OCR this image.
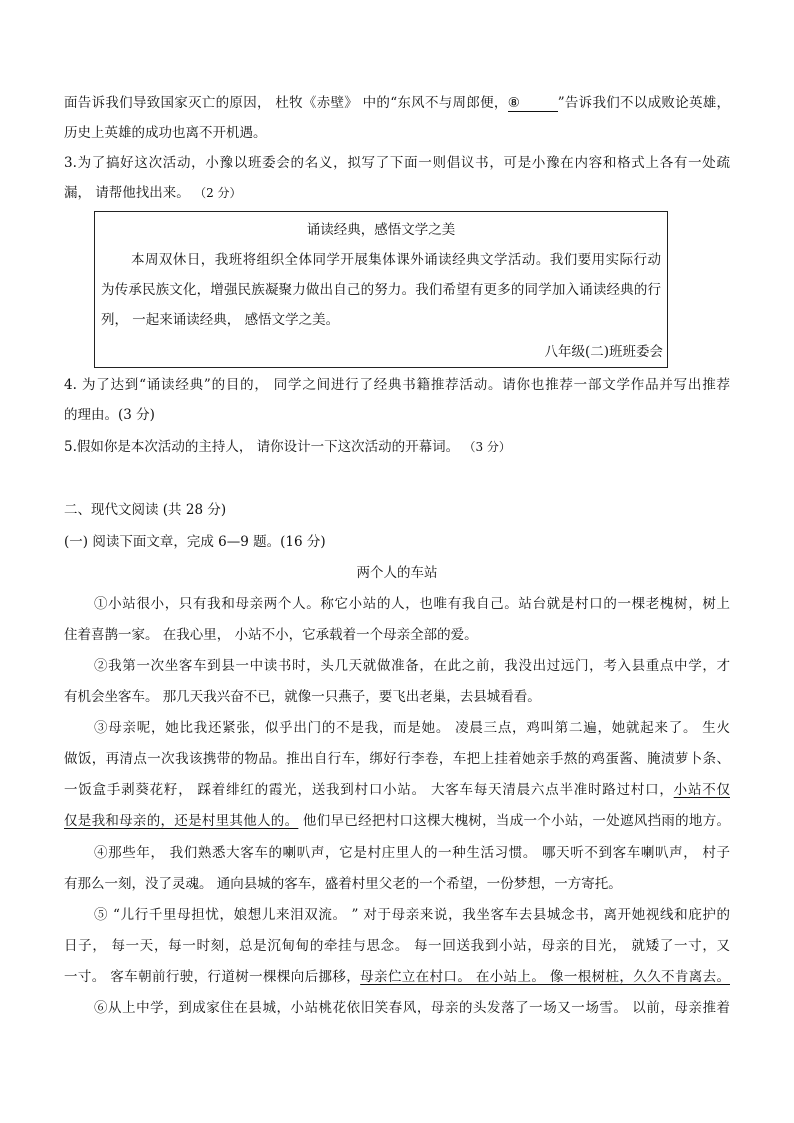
面告诉我们导致国家灭亡的原因， 杜牧《赤壁》 中的“东风不与周郎便，⑧	”告诉我们不以成败论英雄，
历史上英雄的成功也离不开机遇。
3.为了搞好这次活动，小豫以班委会的名义，拟写了下面一则倡议书，可是小豫在内容和格式上各有一处疏
漏， 请帮他找出来。 （2 分）
诵读经典，感悟文学之美
本周双休日，我班将组织全体同学开展集体课外诵读经典文学活动。我们要用实际行动
为传承民族文化，增强民族凝聚力做出自己的努力。我们希望有更多的同学加入诵读经典的行
列， 一起来诵读经典， 感悟文学之美。
八年级(二)班班委会
4. 为了达到“诵读经典”的目的， 同学之间进行了经典书籍推荐活动。请你也推荐一部文学作品并写出推荐
的理由。(3 分)
5.假如你是本次活动的主持人， 请你设计一下这次活动的开幕词。 （3 分）
二、现代文阅读 (共 28 分)
(一) 阅读下面文章，完成 6—9 题。(16 分)
两个人的车站
①小站很小，只有我和母亲两个人。称它小站的人，也唯有我自己。站台就是村口的一棵老槐树，树上
住着喜鹊一家。 在我心里， 小站不小，它承载着一个母亲全部的爱。
②我第一次坐客车到县一中读书时，头几天就做准备，在此之前，我没出过远门，考入县重点中学，才
有机会坐客车。 那几天我兴奋不已，就像一只燕子，要飞出老巢，去县城看看。
③母亲呢，她比我还紧张，似乎出门的不是我，而是她。 凌晨三点，鸡叫第二遍，她就起来了。 生火
做饭，再清点一次我该携带的物品。推出自行车，绑好行李卷，车把上挂着她亲手熬的鸡蛋酱、腌渍萝卜条、
一饭盒手剥葵花籽， 踩着绯红的霞光，送我到村口小站。 大客车每天清晨六点半准时路过村口，小站不仅
仅是我和母亲的，还是村里其他人的。 他们早已经把村口这棵大槐树，当成一个小站，一处遮风挡雨的地方。
④那些年， 我们熟悉大客车的喇叭声，它是村庄里人的一种生活习惯。 哪天听不到客车喇叭声， 村子
有那么一刻，没了灵魂。 通向县城的客车，盛着村里父老的一个希望，一份梦想，一方寄托。
⑤ “儿行千里母担忧，娘想儿来泪双流。 ” 对于母亲来说，我坐客车去县城念书，离开她视线和庇护的
日子， 每一天，每一时刻，总是沉甸甸的牵挂与思念。 每一回送我到小站，母亲的目光， 就矮了一寸，又
一寸。 客车朝前行驶，行道树一棵棵向后挪移，母亲伫立在村口。 在小站上。 像一根树桩，久久不肯离去。
⑥从上中学，到成家住在县城，小站桃花依旧笑春风，母亲的头发落了一场又一场雪。 以前，母亲推着
